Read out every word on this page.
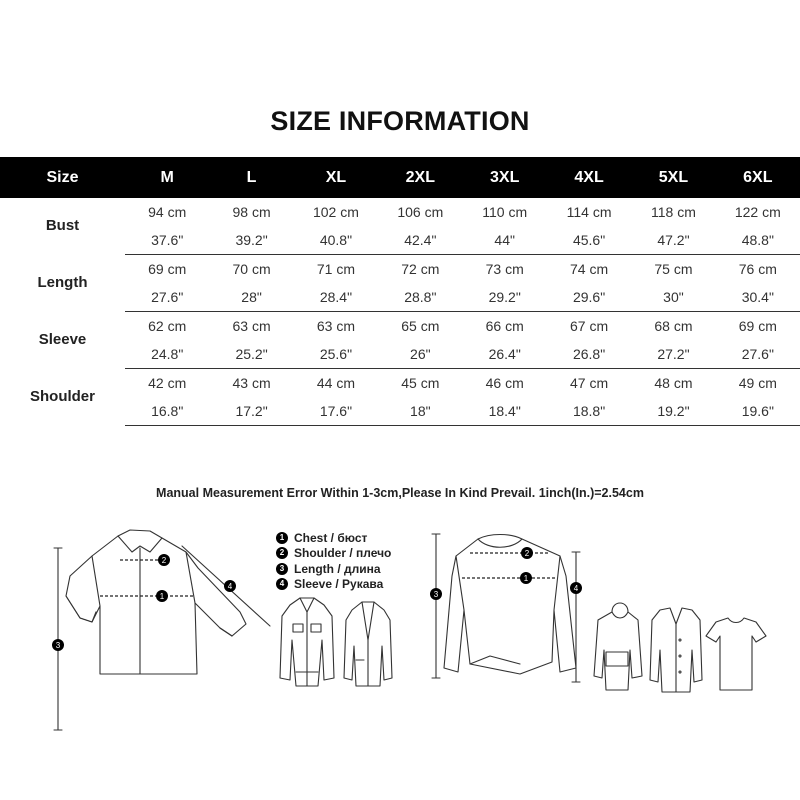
SIZE INFORMATION
Size	M	L	XL	2XL	3XL	4XL	5XL	6XL
Bust	94 cm	98 cm	102 cm	106 cm	110 cm	114 cm	118 cm	122 cm
	37.6"	39.2"	40.8"	42.4"	44"	45.6"	47.2"	48.8"
Length	69 cm	70 cm	71 cm	72 cm	73 cm	74 cm	75 cm	76 cm
	27.6"	28"	28.4"	28.8"	29.2"	29.6"	30"	30.4"
Sleeve	62 cm	63 cm	63 cm	65 cm	66 cm	67 cm	68 cm	69 cm
	24.8"	25.2"	25.6"	26"	26.4"	26.8"	27.2"	27.6"
Shoulder	42 cm	43 cm	44 cm	45 cm	46 cm	47 cm	48 cm	49 cm
	16.8"	17.2"	17.6"	18"	18.4"	18.8"	19.2"	19.6"
Manual Measurement Error Within 1-3cm,Please In Kind Prevail. 1inch(In.)=2.54cm
1 Chest / бюст
2 Shoulder / плечо
3 Length / длина
4 Sleeve / Рукава
1
2
3
4
2
1
3
4
